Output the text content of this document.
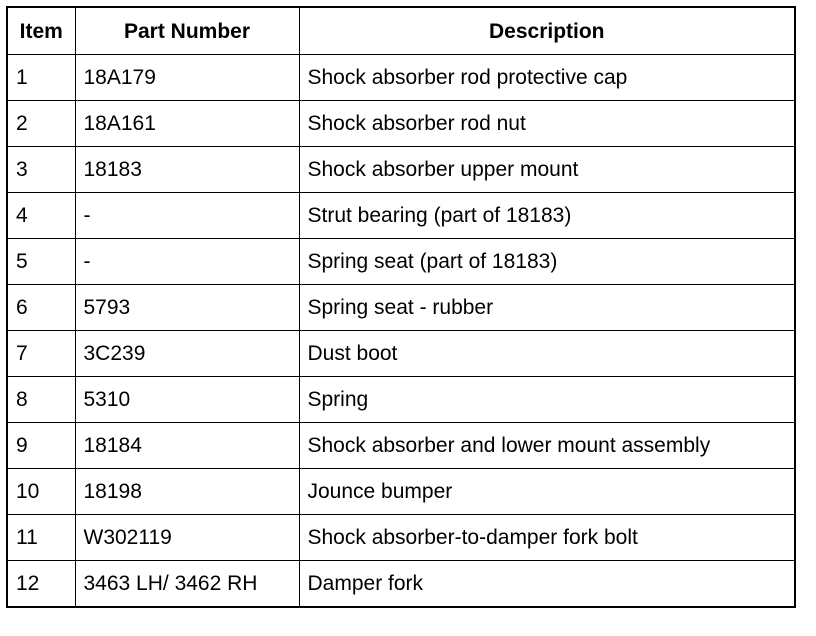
Item	Part Number	Description
1	18A179	Shock absorber rod protective cap
2	18A161	Shock absorber rod nut
3	18183	Shock absorber upper mount
4	-	Strut bearing (part of 18183)
5	-	Spring seat (part of 18183)
6	5793	Spring seat - rubber
7	3C239	Dust boot
8	5310	Spring
9	18184	Shock absorber and lower mount assembly
10	18198	Jounce bumper
11	W302119	Shock absorber-to-damper fork bolt
12	3463 LH/ 3462 RH	Damper fork
